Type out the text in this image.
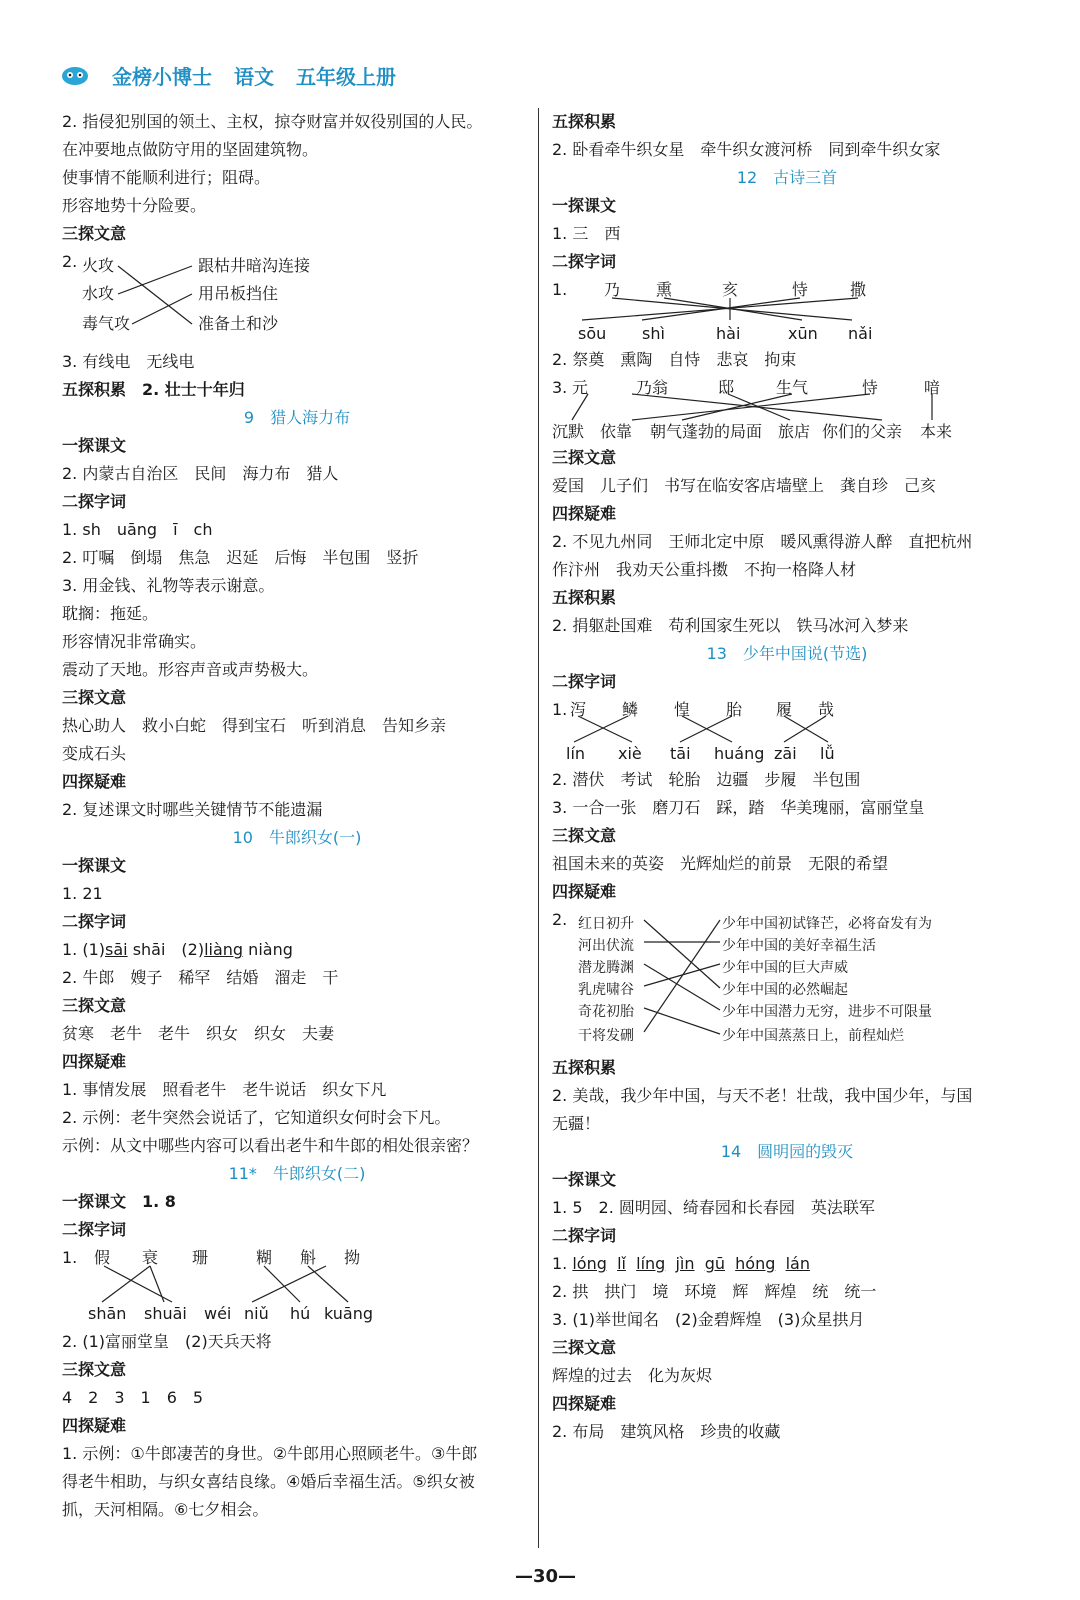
金榜小博士 语文 五年级上册
2. 指侵犯别国的领土、主权，掠夺财富并奴役别国的人民。
在冲要地点做防守用的坚固建筑物。
使事情不能顺利进行；阻碍。
形容地势十分险要。
三探文意
2. 火攻
水攻
毒气攻
跟枯井暗沟连接
用吊板挡住
准备土和沙
3. 有线电　无线电
五探积累　2. 壮士十年归
9　猎人海力布
一探课文
2. 内蒙古自治区　民间　海力布　猎人
二探字词
1. sh　uāng　ī　ch
2. 叮嘱　倒塌　焦急　迟延　后悔　半包围　竖折
3. 用金钱、礼物等表示谢意。
耽搁：拖延。
形容情况非常确实。
震动了天地。形容声音或声势极大。
三探文意
热心助人　救小白蛇　得到宝石　听到消息　告知乡亲
变成石头
四探疑难
2. 复述课文时哪些关键情节不能遗漏
10　牛郎织女(一)
一探课文
1. 21
二探字词
1. (1)sāi shāi　(2)liàng niàng
2. 牛郎　嫂子　稀罕　结婚　溜走　干
三探文意
贫寒　老牛　老牛　织女　织女　夫妻
四探疑难
1. 事情发展　照看老牛　老牛说话　织女下凡
2. 示例：老牛突然会说话了，它知道织女何时会下凡。
示例：从文中哪些内容可以看出老牛和牛郎的相处很亲密？
11*　牛郎织女(二)
一探课文　1. 8
二探字词
1. 假 衰 珊	糊 斛 拗
shān shuāi wéi niǔ hú kuāng
2. (1)富丽堂皇　(2)天兵天将
三探文意
4　2　3　1　6　5
四探疑难
1. 示例：①牛郎凄苦的身世。②牛郎用心照顾老牛。③牛郎
得老牛相助，与织女喜结良缘。④婚后幸福生活。⑤织女被
抓，天河相隔。⑥七夕相会。
五探积累
2. 卧看牵牛织女星　牵牛织女渡河桥　同到牵牛织女家
12　古诗三首
一探课文
1. 三　西
二探字词
1. 乃 熏	亥	恃	撒
sōu shì	hài	xūn nǎi
2. 祭奠　熏陶　自恃　悲哀　拘束
3. 元	乃翁	邸	生气	恃	喑
沉默 依靠 朝气蓬勃的局面 旅店 你们的父亲 本来
三探文意
爱国　儿子们　书写在临安客店墙壁上　龚自珍　己亥
四探疑难
2. 不见九州同　王师北定中原　暖风熏得游人醉　直把杭州
作汴州　我劝天公重抖擞　不拘一格降人材
五探积累
2. 捐躯赴国难　苟利国家生死以　铁马冰河入梦来
13　少年中国说(节选)
二探字词
1. 泻 鳞 惶 胎 履 哉
lín xiè tāi huáng zāi lǚ
2. 潜伏　考试　轮胎　边疆　步履　半包围
3. 一合一张　磨刀石　踩，踏　华美瑰丽，富丽堂皇
三探文意
祖国未来的英姿　光辉灿烂的前景　无限的希望
四探疑难
2. 红日初升
河出伏流
潜龙腾渊
乳虎啸谷
奇花初胎
干将发硎
少年中国初试锋芒，必将奋发有为
少年中国的美好幸福生活
少年中国的巨大声威
少年中国的必然崛起
少年中国潜力无穷，进步不可限量
少年中国蒸蒸日上，前程灿烂
五探积累
2. 美哉，我少年中国，与天不老！壮哉，我中国少年，与国
无疆！
14　圆明园的毁灭
一探课文
1. 5　2. 圆明园、绮春园和长春园　英法联军
二探字词
1. lóng lǐ líng jìn gū hóng lán
2. 拱　拱门　境　环境　辉　辉煌　统　统一
3. (1)举世闻名　(2)金碧辉煌　(3)众星拱月
三探文意
辉煌的过去　化为灰烬
四探疑难
2. 布局　建筑风格　珍贵的收藏
—30—
